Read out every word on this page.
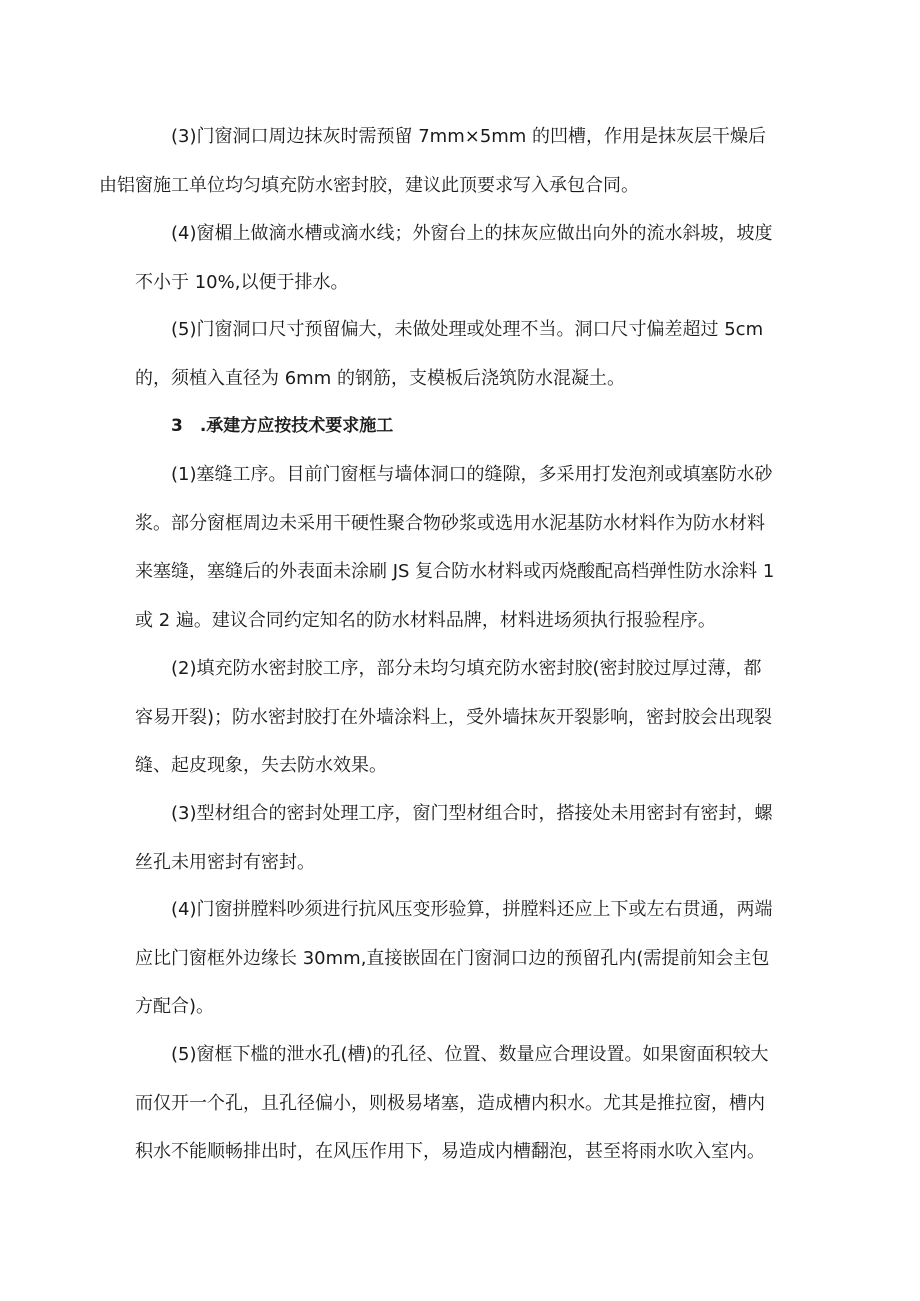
(3)门窗洞口周边抹灰时需预留 7mm×5mm 的凹槽，作用是抹灰层干燥后
由铝窗施工单位均匀填充防水密封胶，建议此顶要求写入承包合同。
(4)窗楣上做滴水槽或滴水线；外窗台上的抹灰应做出向外的流水斜坡，坡度
不小于 10%,以便于排水。
(5)门窗洞口尺寸预留偏大，未做处理或处理不当。洞口尺寸偏差超过 5cm
的，须植入直径为 6mm 的钢筋，支模板后浇筑防水混凝土。
3　.承建方应按技术要求施工
(1)塞缝工序。目前门窗框与墙体洞口的缝隙，多采用打发泡剂或填塞防水砂
浆。部分窗框周边未采用干硬性聚合物砂浆或选用水泥基防水材料作为防水材料
来塞缝，塞缝后的外表面未涂刷 JS 复合防水材料或丙烧酸配高档弹性防水涂料 1
或 2 遍。建议合同约定知名的防水材料品牌，材料进场须执行报验程序。
(2)填充防水密封胶工序，部分未均匀填充防水密封胶(密封胶过厚过薄，都
容易开裂)；防水密封胶打在外墙涂料上，受外墙抹灰开裂影响，密封胶会出现裂
缝、起皮现象，失去防水效果。
(3)型材组合的密封处理工序，窗门型材组合时，搭接处未用密封有密封，螺
丝孔未用密封有密封。
(4)门窗拼膛料吵须进行抗风压变形验算，拼膛料还应上下或左右贯通，两端
应比门窗框外边缘长 30mm,直接嵌固在门窗洞口边的预留孔内(需提前知会主包
方配合)。
(5)窗框下槛的泄水孔(槽)的孔径、位置、数量应合理设置。如果窗面积较大
而仅开一个孔，且孔径偏小，则极易堵塞，造成槽内积水。尤其是推拉窗，槽内
积水不能顺畅排出时，在风压作用下，易造成内槽翻泡，甚至将雨水吹入室内。
